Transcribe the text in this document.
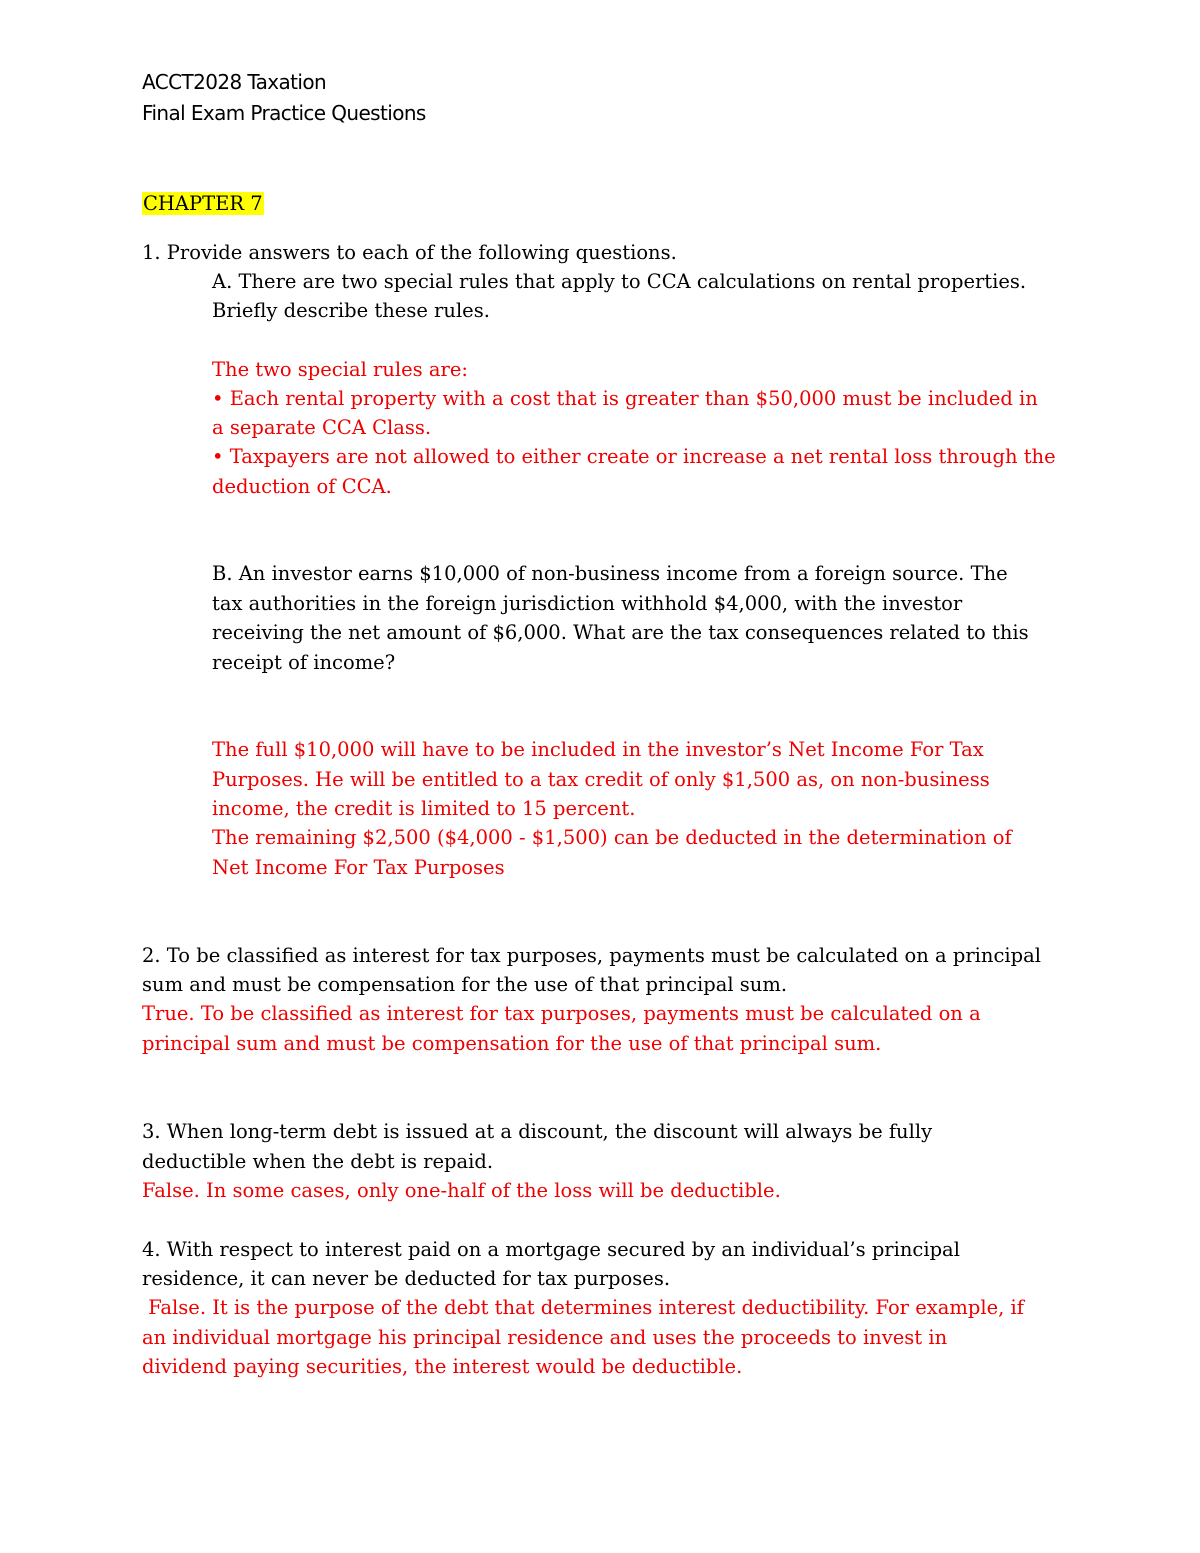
ACCT2028 Taxation
Final Exam Practice Questions
CHAPTER 7
1. Provide answers to each of the following questions.
A. There are two special rules that apply to CCA calculations on rental properties.
Briefly describe these rules.
The two special rules are:
• Each rental property with a cost that is greater than $50,000 must be included in
a separate CCA Class.
• Taxpayers are not allowed to either create or increase a net rental loss through the
deduction of CCA.
B. An investor earns $10,000 of non-business income from a foreign source. The
tax authorities in the foreign jurisdiction withhold $4,000, with the investor
receiving the net amount of $6,000. What are the tax consequences related to this
receipt of income?
The full $10,000 will have to be included in the investor’s Net Income For Tax
Purposes. He will be entitled to a tax credit of only $1,500 as, on non-business
income, the credit is limited to 15 percent.
The remaining $2,500 ($4,000 - $1,500) can be deducted in the determination of
Net Income For Tax Purposes
2. To be classified as interest for tax purposes, payments must be calculated on a principal
sum and must be compensation for the use of that principal sum.
True. To be classified as interest for tax purposes, payments must be calculated on a
principal sum and must be compensation for the use of that principal sum.
3. When long-term debt is issued at a discount, the discount will always be fully
deductible when the debt is repaid.
False. In some cases, only one-half of the loss will be deductible.
4. With respect to interest paid on a mortgage secured by an individual’s principal
residence, it can never be deducted for tax purposes.
False. It is the purpose of the debt that determines interest deductibility. For example, if
an individual mortgage his principal residence and uses the proceeds to invest in
dividend paying securities, the interest would be deductible.
